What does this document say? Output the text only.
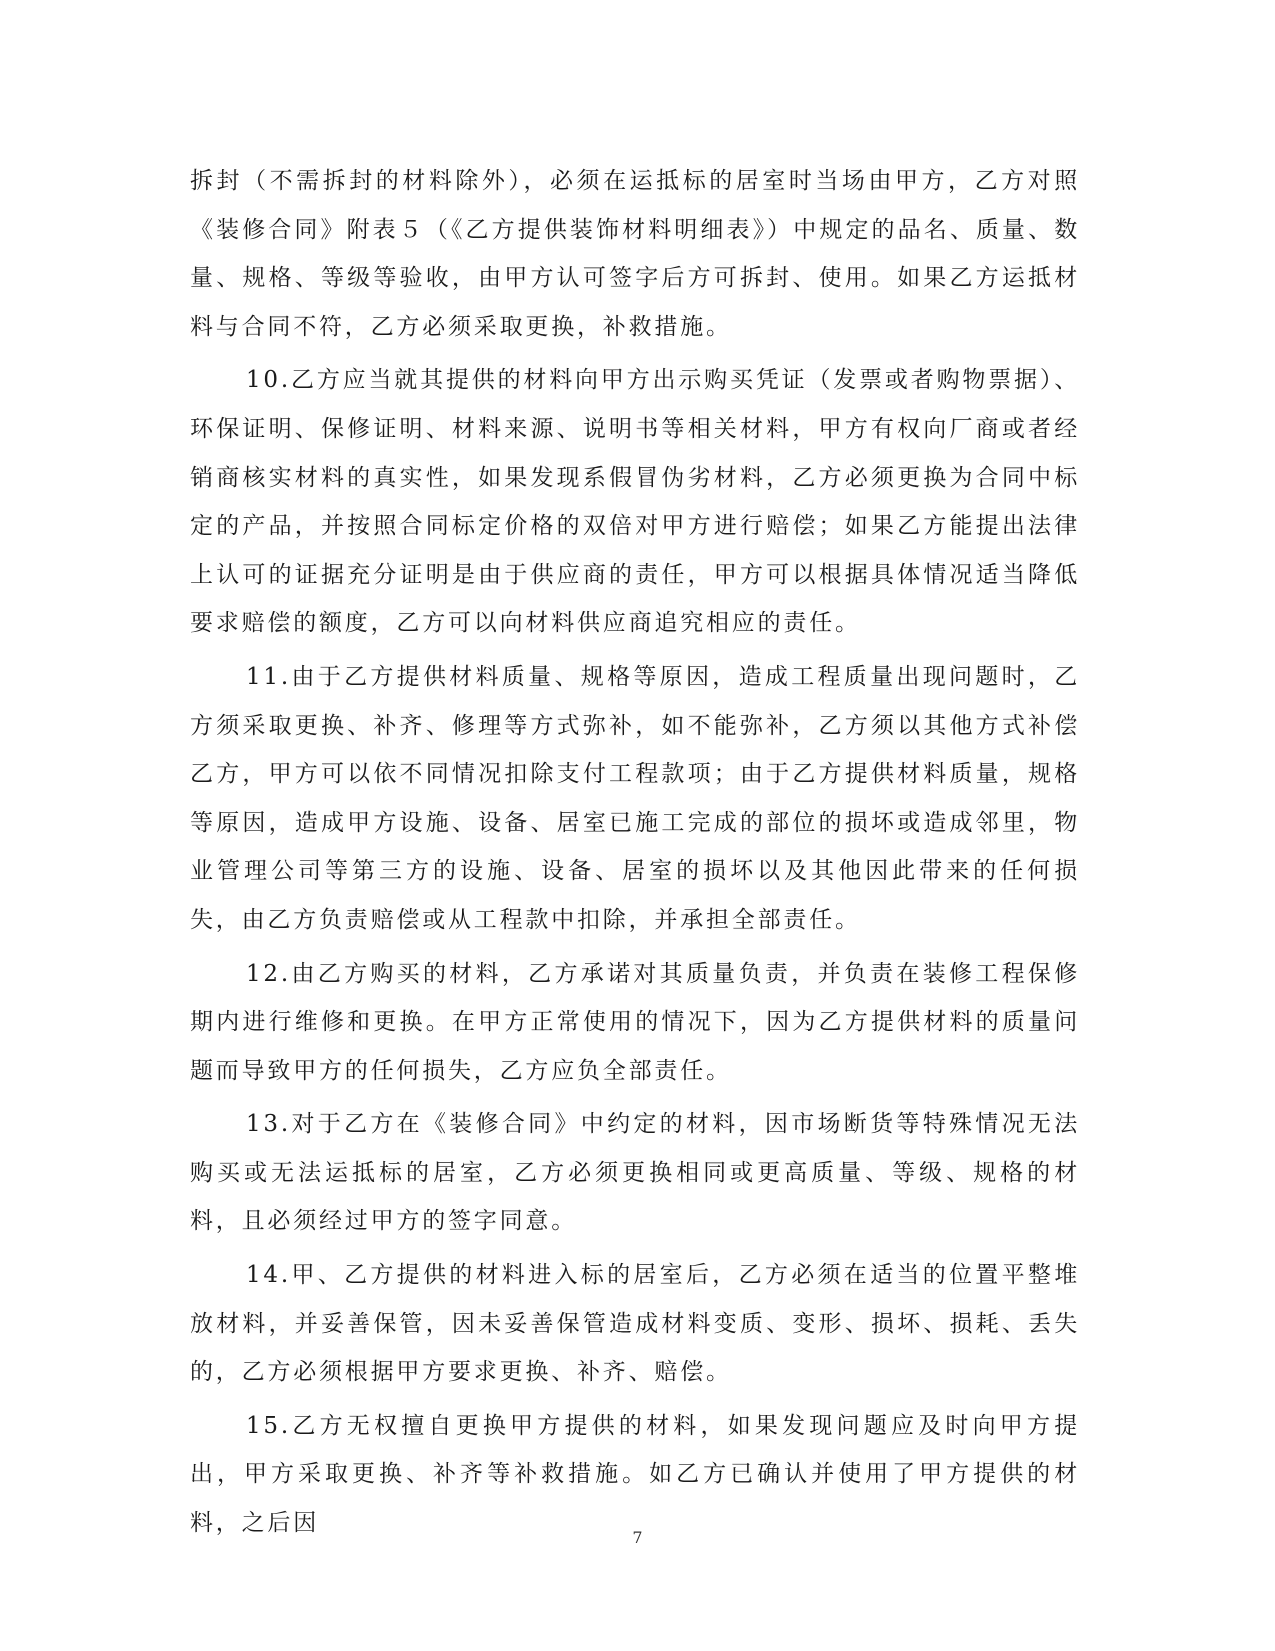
拆封（不需拆封的材料除外），必须在运抵标的居室时当场由甲方，乙方对照《装修合同》附表５（《乙方提供装饰材料明细表》）中规定的品名、质量、数量、规格、等级等验收，由甲方认可签字后方可拆封、使用。如果乙方运抵材料与合同不符，乙方必须采取更换，补救措施。

10.乙方应当就其提供的材料向甲方出示购买凭证（发票或者购物票据）、环保证明、保修证明、材料来源、说明书等相关材料，甲方有权向厂商或者经销商核实材料的真实性，如果发现系假冒伪劣材料，乙方必须更换为合同中标定的产品，并按照合同标定价格的双倍对甲方进行赔偿；如果乙方能提出法律上认可的证据充分证明是由于供应商的责任，甲方可以根据具体情况适当降低要求赔偿的额度，乙方可以向材料供应商追究相应的责任。

11.由于乙方提供材料质量、规格等原因，造成工程质量出现问题时，乙方须采取更换、补齐、修理等方式弥补，如不能弥补，乙方须以其他方式补偿乙方，甲方可以依不同情况扣除支付工程款项；由于乙方提供材料质量，规格等原因，造成甲方设施、设备、居室已施工完成的部位的损坏或造成邻里，物业管理公司等第三方的设施、设备、居室的损坏以及其他因此带来的任何损失，由乙方负责赔偿或从工程款中扣除，并承担全部责任。

12.由乙方购买的材料，乙方承诺对其质量负责，并负责在装修工程保修期内进行维修和更换。在甲方正常使用的情况下，因为乙方提供材料的质量问题而导致甲方的任何损失，乙方应负全部责任。

13.对于乙方在《装修合同》中约定的材料，因市场断货等特殊情况无法购买或无法运抵标的居室，乙方必须更换相同或更高质量、等级、规格的材料，且必须经过甲方的签字同意。

14.甲、乙方提供的材料进入标的居室后，乙方必须在适当的位置平整堆放材料，并妥善保管，因未妥善保管造成材料变质、变形、损坏、损耗、丢失的，乙方必须根据甲方要求更换、补齐、赔偿。

15.乙方无权擅自更换甲方提供的材料，如果发现问题应及时向甲方提出，甲方采取更换、补齐等补救措施。如乙方已确认并使用了甲方提供的材料，之后因

7
